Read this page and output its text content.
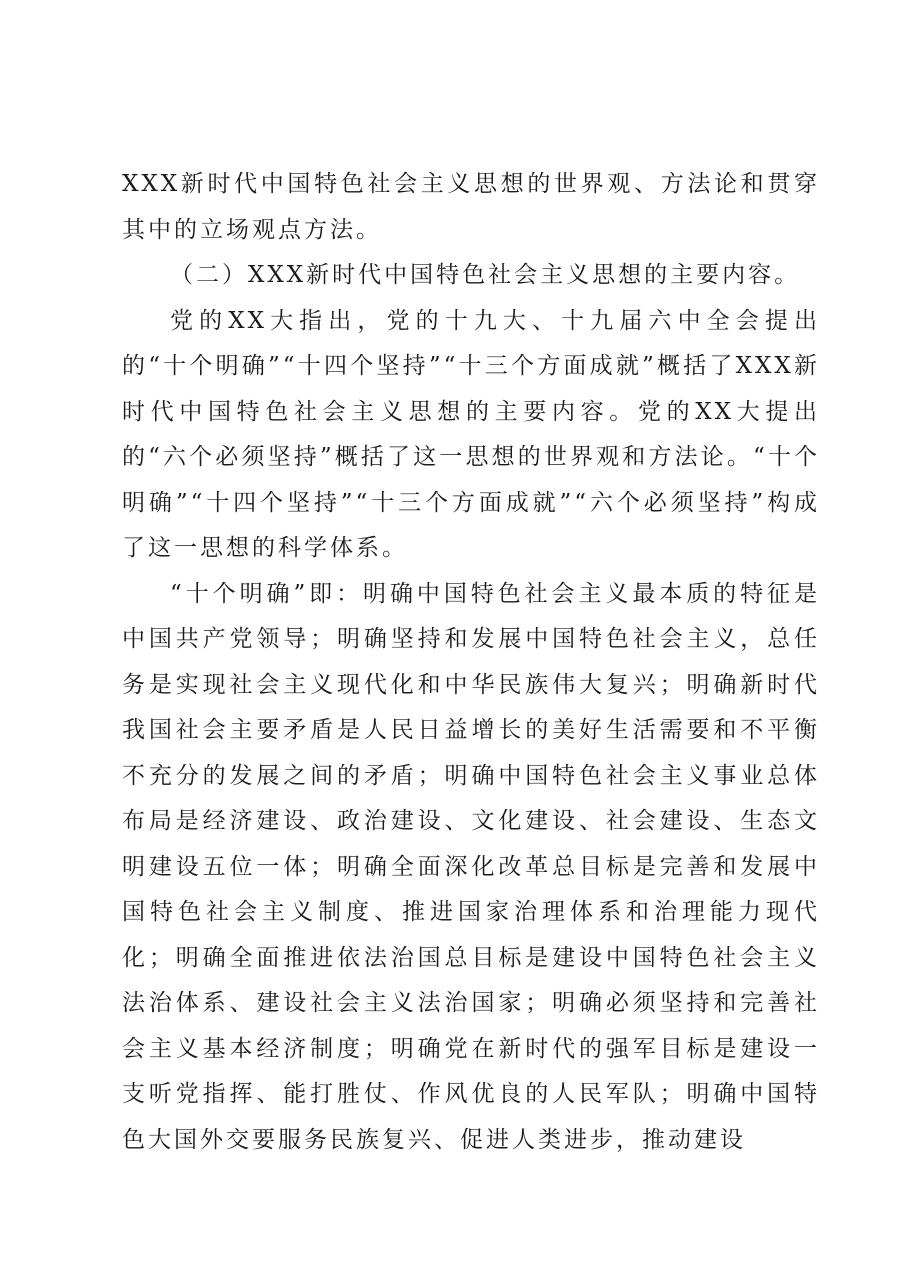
XXX新时代中国特色社会主义思想的世界观、方法论和贯穿其中的立场观点方法。

（二）XXX新时代中国特色社会主义思想的主要内容。

党的XX大指出，党的十九大、十九届六中全会提出的“十个明确”“十四个坚持”“十三个方面成就”概括了XXX新时代中国特色社会主义思想的主要内容。党的XX大提出的“六个必须坚持”概括了这一思想的世界观和方法论。“十个明确”“十四个坚持”“十三个方面成就”“六个必须坚持”构成了这一思想的科学体系。

“十个明确”即：明确中国特色社会主义最本质的特征是中国共产党领导；明确坚持和发展中国特色社会主义，总任务是实现社会主义现代化和中华民族伟大复兴；明确新时代我国社会主要矛盾是人民日益增长的美好生活需要和不平衡不充分的发展之间的矛盾；明确中国特色社会主义事业总体布局是经济建设、政治建设、文化建设、社会建设、生态文明建设五位一体；明确全面深化改革总目标是完善和发展中国特色社会主义制度、推进国家治理体系和治理能力现代化；明确全面推进依法治国总目标是建设中国特色社会主义法治体系、建设社会主义法治国家；明确必须坚持和完善社会主义基本经济制度；明确党在新时代的强军目标是建设一支听党指挥、能打胜仗、作风优良的人民军队；明确中国特色大国外交要服务民族复兴、促进人类进步，推动建设
